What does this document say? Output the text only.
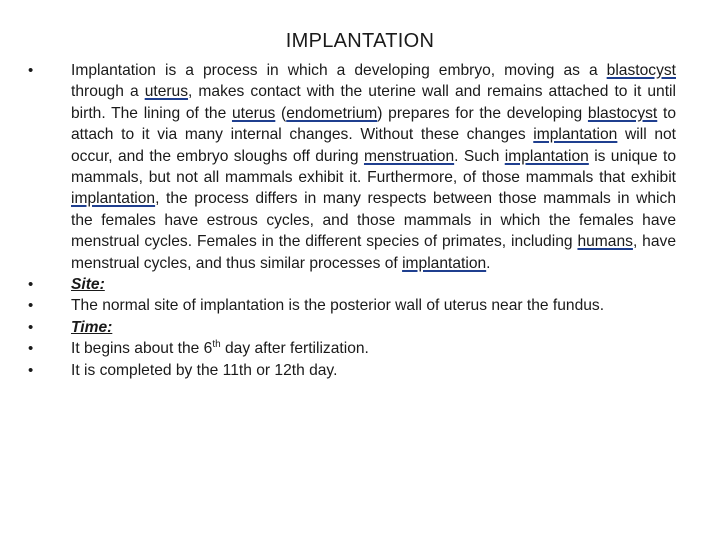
IMPLANTATION
•	Implantation is a process in which a developing embryo, moving as a blastocyst through a uterus, makes contact with the uterine wall and remains attached to it until birth. The lining of the uterus (endometrium) prepares for the developing blastocyst to attach to it via many internal changes. Without these changes implantation will not occur, and the embryo sloughs off during menstruation. Such implantation is unique to mammals, but not all mammals exhibit it. Furthermore, of those mammals that exhibit implantation, the process differs in many respects between those mammals in which the females have estrous cycles, and those mammals in which the females have menstrual cycles. Females in the different species of primates, including humans, have menstrual cycles, and thus similar processes of implantation.
•	Site:
•	The normal site of implantation is the posterior wall of uterus near the fundus.
•	Time:
•	It begins about the 6th day after fertilization.
•	It is completed by the 11th or 12th day.
